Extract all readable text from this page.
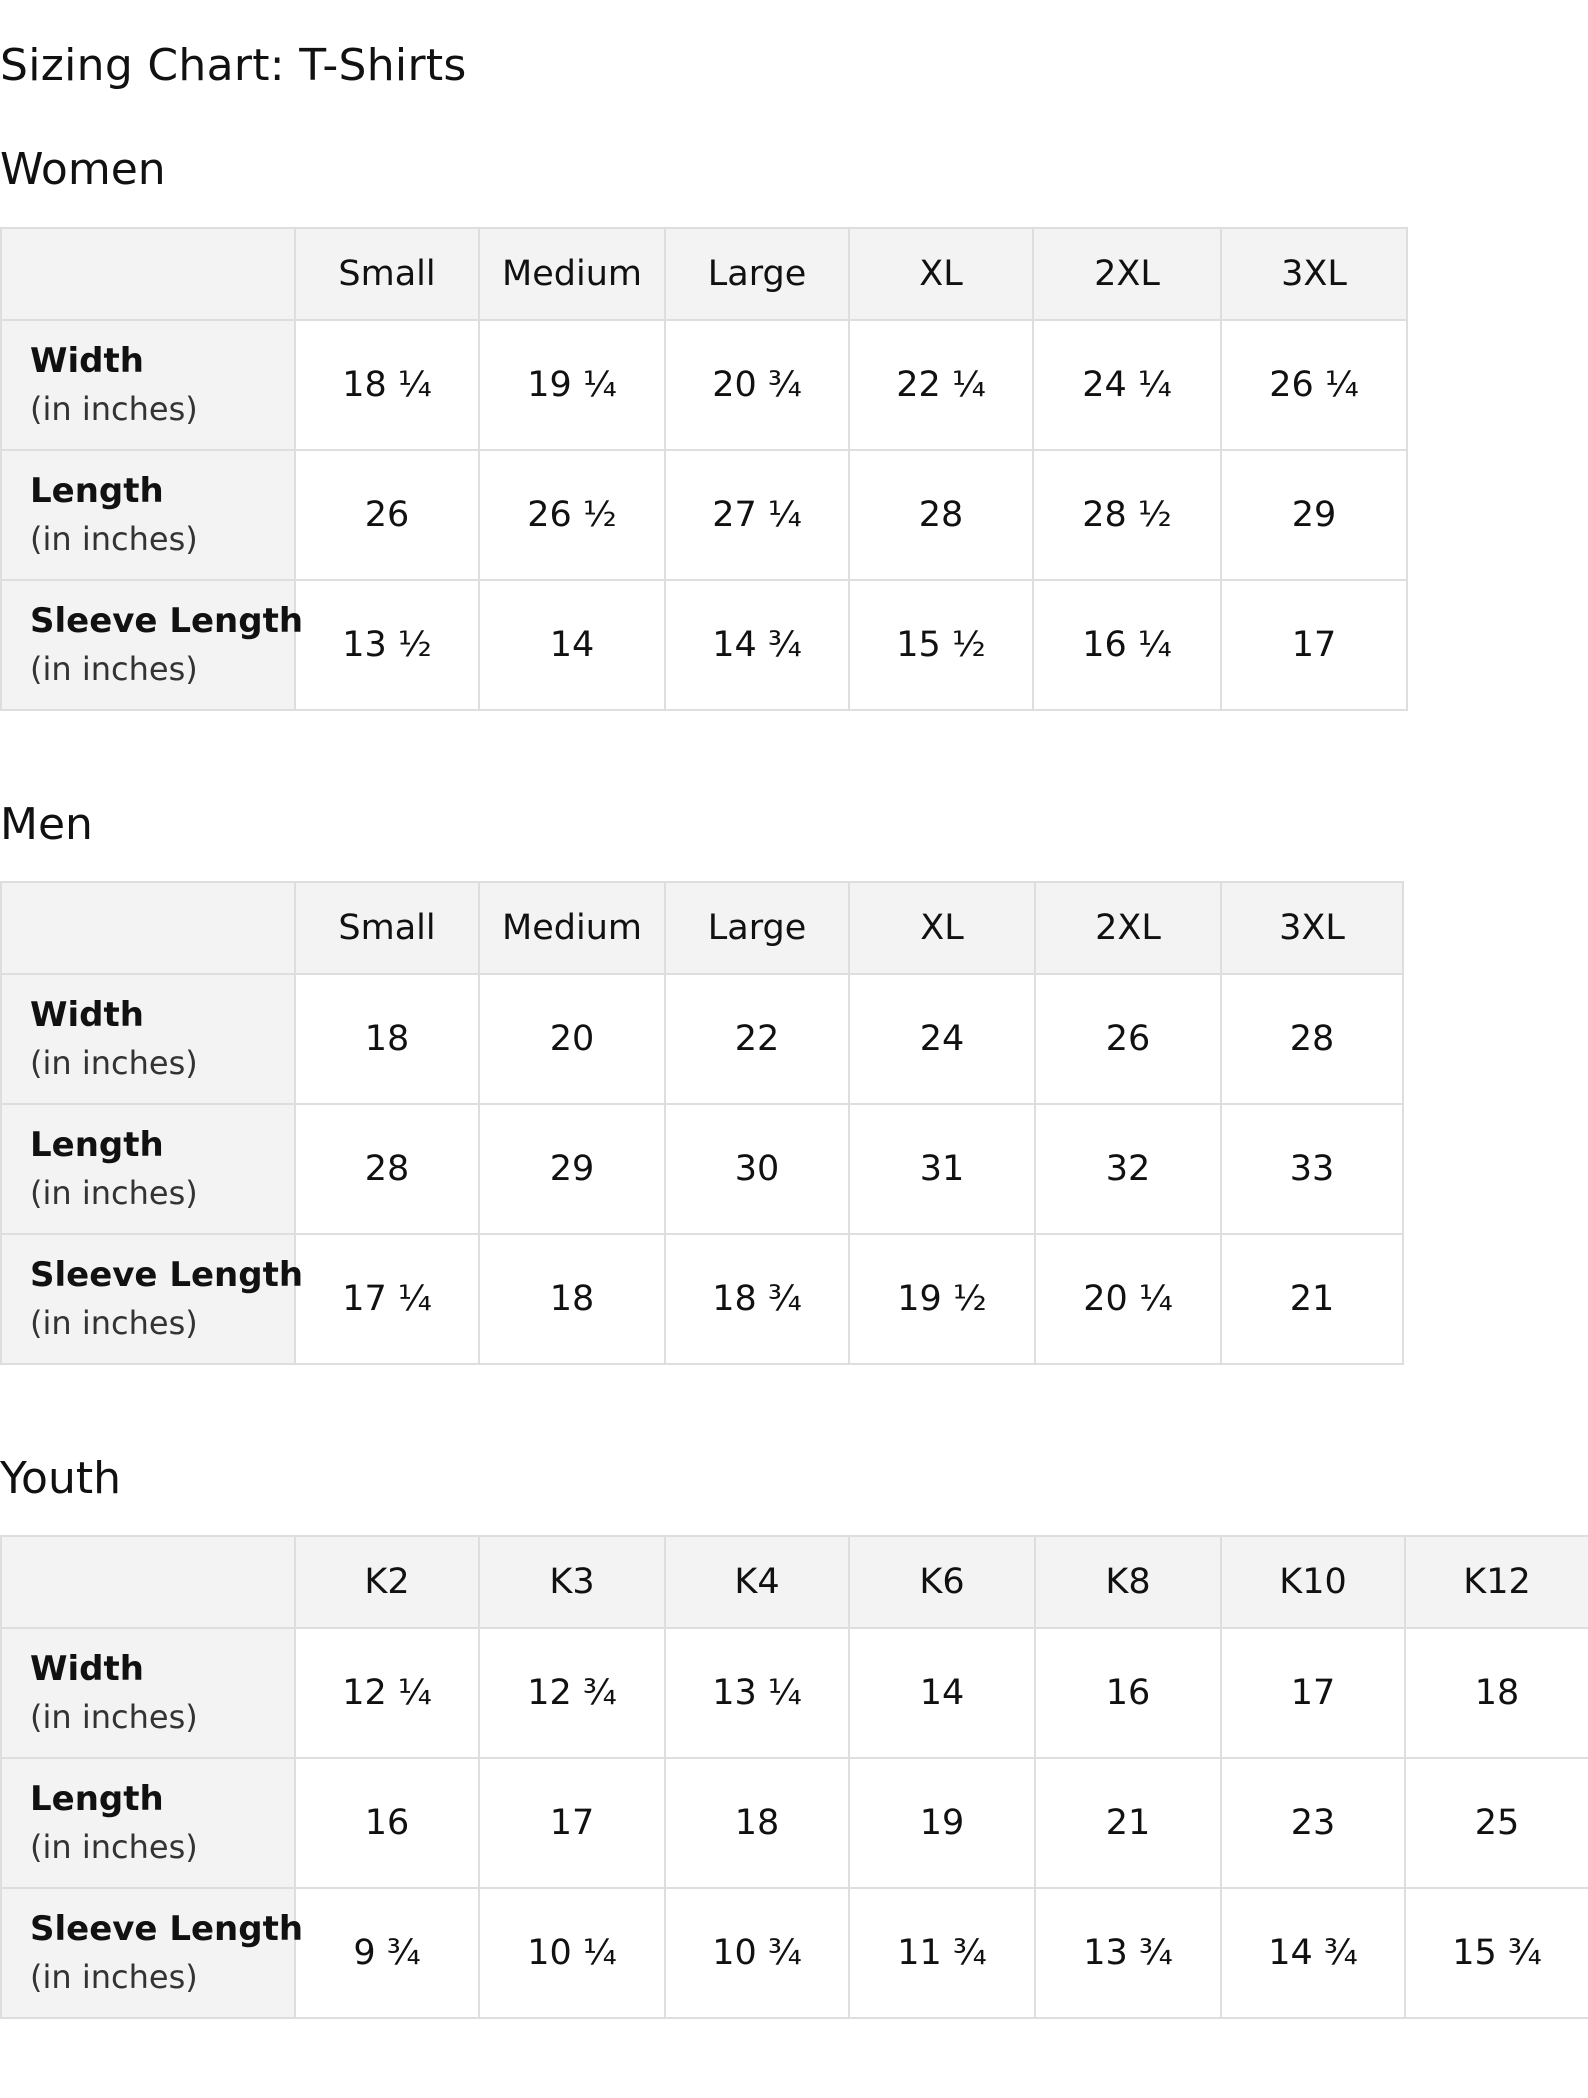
Sizing Chart: T-Shirts
Women
	Small	Medium	Large	XL	2XL	3XL

Width
(in inches)	18 ¼	19 ¼	20 ¾	22 ¼	24 ¼	26 ¼

Length
(in inches)	26	26 ½	27 ¼	28	28 ½	29

Sleeve Length
(in inches)	13 ½	14	14 ¾	15 ½	16 ¼	17
Men
	Small	Medium	Large	XL	2XL	3XL

Width
(in inches)	18	20	22	24	26	28

Length
(in inches)	28	29	30	31	32	33

Sleeve Length
(in inches)	17 ¼	18	18 ¾	19 ½	20 ¼	21
Youth
	K2	K3	K4	K6	K8	K10	K12

Width
(in inches)	12 ¼	12 ¾	13 ¼	14	16	17	18

Length
(in inches)	16	17	18	19	21	23	25

Sleeve Length
(in inches)	9 ¾	10 ¼	10 ¾	11 ¾	13 ¾	14 ¾	15 ¾
